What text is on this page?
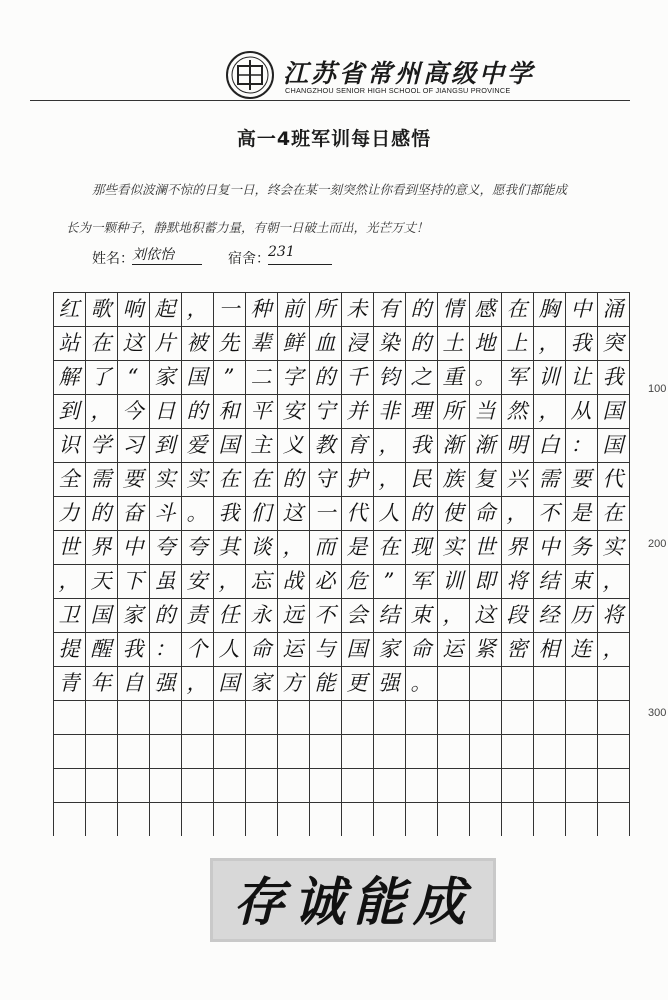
江苏省常州高级中学
CHANGZHOU SENIOR HIGH SCHOOL OF JIANGSU PROVINCE
高一4班军训每日感悟
那些看似波澜不惊的日复一日，终会在某一刻突然让你看到坚持的意义，愿我们都能成
长为一颗种子，静默地积蓄力量，有朝一日破土而出，光芒万丈！
姓名：
刘依怡	宿舍：
231
100
200
300
红 歌 响 起 ， 一 种 前 所 未 有 的 情 感 在 胸 中 涌
站 在 这 片 被 先 辈 鲜 血 浸 染 的 土 地 上 ， 我 突
解 了 “ 家 国 ” 二 字 的 千 钧 之 重 。 军 训 让 我
到 ， 今 日 的 和 平 安 宁 并 非 理 所 当 然 ， 从 国
识 学 习 到 爱 国 主 义 教 育 ， 我 渐 渐 明 白 ： 国
全 需 要 实 实 在 在 的 守 护 ， 民 族 复 兴 需 要 代
力 的 奋 斗 。 我 们 这 一 代 人 的 使 命 ， 不 是 在
世 界 中 夸 夸 其 谈 ， 而 是 在 现 实 世 界 中 务 实
， 天 下 虽 安 ， 忘 战 必 危 ” 军 训 即 将 结 束 ，
卫 国 家 的 责 任 永 远 不 会 结 束 ， 这 段 经 历 将
提 醒 我 ： 个 人 命 运 与 国 家 命 运 紧 密 相 连 ，
青 年 自 强 ， 国 家 方 能 更 强 。
存诚能成
